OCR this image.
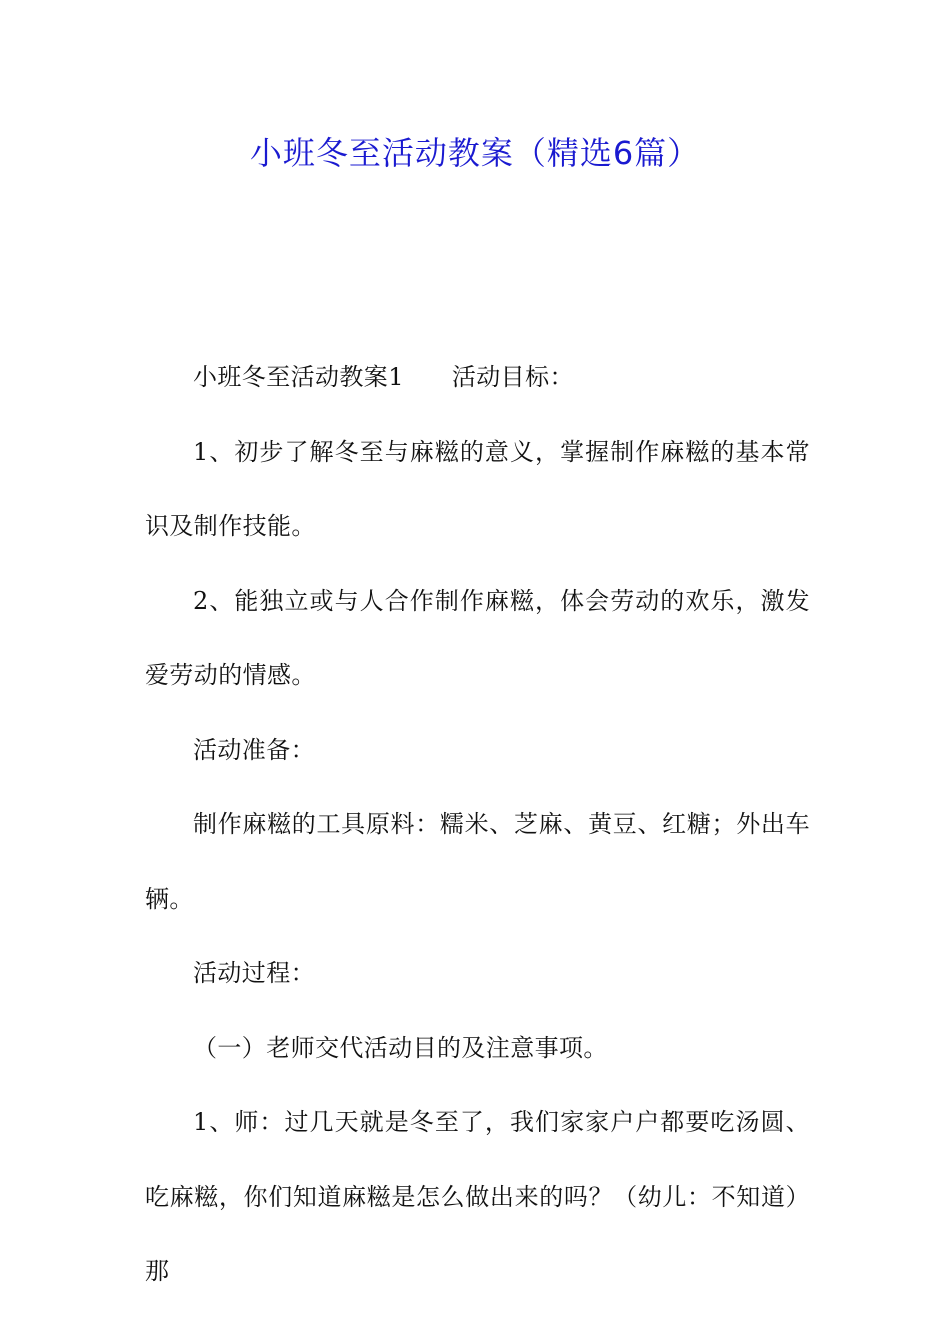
小班冬至活动教案（精选6篇）

小班冬至活动教案1 活动目标：

1、初步了解冬至与麻糍的意义，掌握制作麻糍的基本常识及制作技能。

2、能独立或与人合作制作麻糍，体会劳动的欢乐，激发爱劳动的情感。

活动准备：

制作麻糍的工具原料：糯米、芝麻、黄豆、红糖；外出车辆。

活动过程：

（一）老师交代活动目的及注意事项。

1、师：过几天就是冬至了，我们家家户户都要吃汤圆、吃麻糍，你们知道麻糍是怎么做出来的吗？（幼儿：不知道）那
